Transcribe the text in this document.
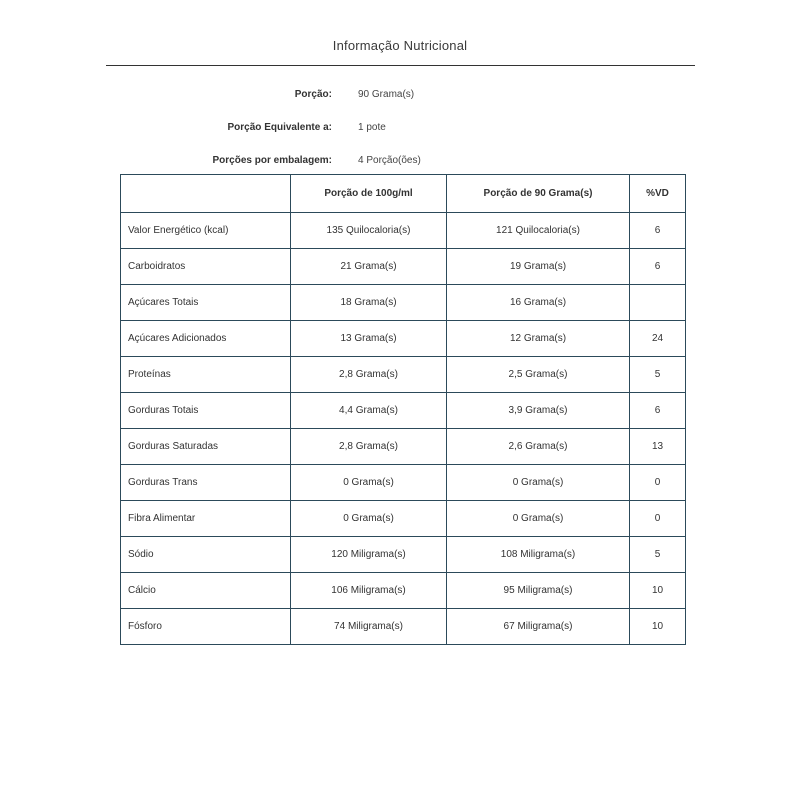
Informação Nutricional
Porção:	90 Grama(s)
Porção Equivalente a:	1 pote
Porções por embalagem:	4 Porção(ões)
	Porção de 100g/ml	Porção de 90 Grama(s)	%VD
Valor Energético (kcal)	135 Quilocaloria(s)	121 Quilocaloria(s)	6
Carboidratos	21 Grama(s)	19 Grama(s)	6
Açúcares Totais	18 Grama(s)	16 Grama(s)	
Açúcares Adicionados	13 Grama(s)	12 Grama(s)	24
Proteínas	2,8 Grama(s)	2,5 Grama(s)	5
Gorduras Totais	4,4 Grama(s)	3,9 Grama(s)	6
Gorduras Saturadas	2,8 Grama(s)	2,6 Grama(s)	13
Gorduras Trans	0 Grama(s)	0 Grama(s)	0
Fibra Alimentar	0 Grama(s)	0 Grama(s)	0
Sódio	120 Miligrama(s)	108 Miligrama(s)	5
Cálcio	106 Miligrama(s)	95 Miligrama(s)	10
Fósforo	74 Miligrama(s)	67 Miligrama(s)	10
